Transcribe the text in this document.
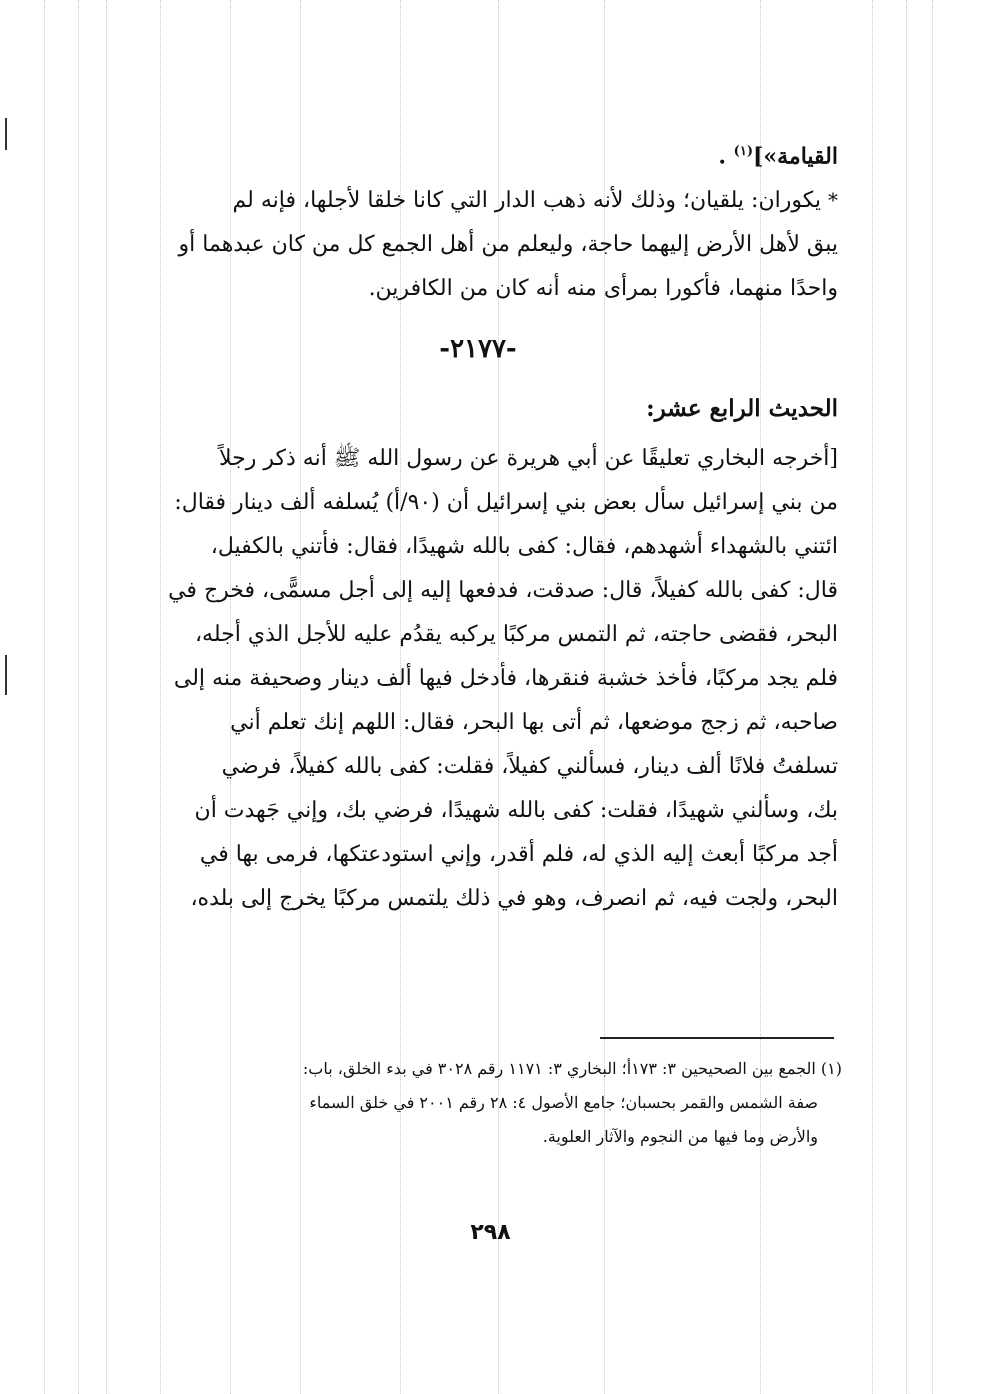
القيامة»]$^{(١)}$ .

* يكوران: يلقيان؛ وذلك لأنه ذهب الدار التي كانا خلقا لأجلها، فإنه لم

يبق لأهل الأرض إليهما حاجة، وليعلم من أهل الجمع كل من كان عبدهما أو

واحدًا منهما، فأكورا بمرأى منه أنه كان من الكافرين.

-٢١٧٧-
الحديث الرابع عشر:

[أخرجه البخاري تعليقًا عن أبي هريرة عن رسول الله ﷺ أنه ذكر رجلاً

من بني إسرائيل سأل بعض بني إسرائيل أن (٩٠/أ) يُسلفه ألف دينار فقال:

ائتني بالشهداء أشهدهم، فقال: كفى بالله شهيدًا، فقال: فأتني بالكفيل،

قال: كفى بالله كفيلاً، قال: صدقت، فدفعها إليه إلى أجل مسمًّى، فخرج في

البحر، فقضى حاجته، ثم التمس مركبًا يركبه يقدُم عليه للأجل الذي أجله،

فلم يجد مركبًا، فأخذ خشبة فنقرها، فأدخل فيها ألف دينار وصحيفة منه إلى

صاحبه، ثم زجج موضعها، ثم أتى بها البحر، فقال: اللهم إنك تعلم أني

تسلفتُ فلانًا ألف دينار، فسألني كفيلاً، فقلت: كفى بالله كفيلاً، فرضي

بك، وسألني شهيدًا، فقلت: كفى بالله شهيدًا، فرضي بك، وإني جَهدت أن

أجد مركبًا أبعث إليه الذي له، فلم أقدر، وإني استودعتكها، فرمى بها في

البحر، ولجت فيه، ثم انصرف، وهو في ذلك يلتمس مركبًا يخرج إلى بلده،

(١) الجمع بين الصحيحين ٣: ١٧٣أ؛ البخاري ٣: ١١٧١ رقم ٣٠٢٨ في بدء الخلق، باب:

صفة الشمس والقمر بحسبان؛ جامع الأصول ٤: ٢٨ رقم ٢٠٠١ في خلق السماء

والأرض وما فيها من النجوم والآثار العلوية.

٢٩٨
